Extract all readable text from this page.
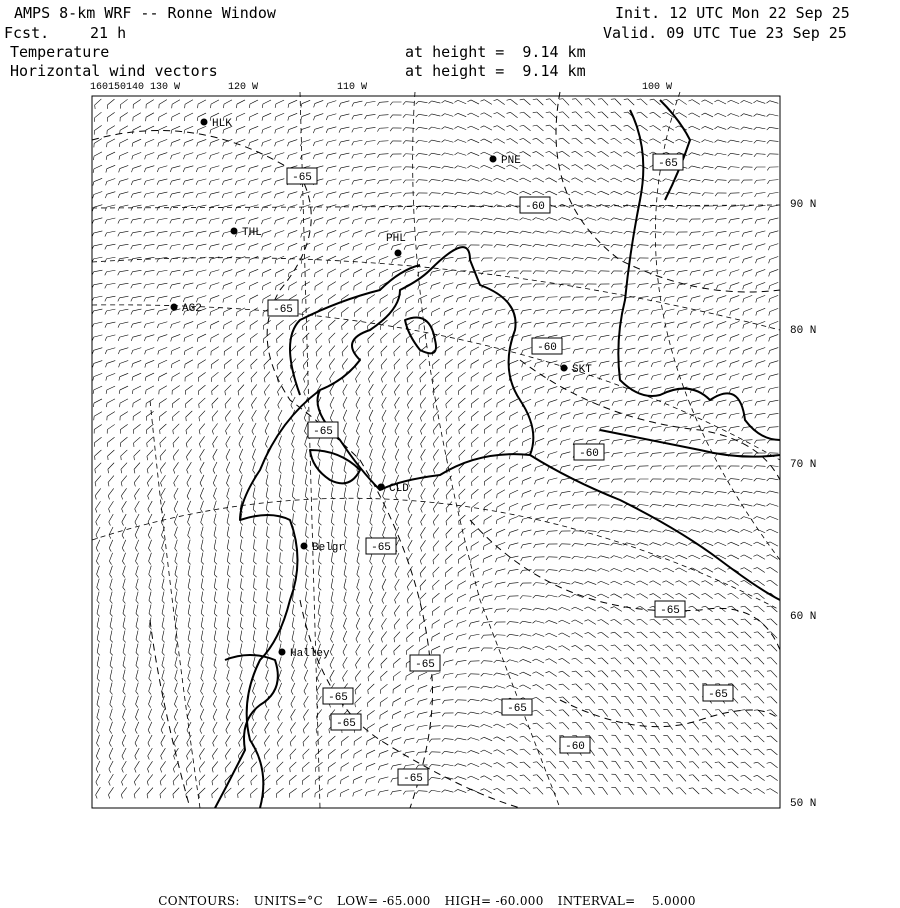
AMPS 8-km WRF -- Ronne Window	Init. 12 UTC Mon 22 Sep 25
Fcst.	21 h	Valid. 09 UTC Tue 23 Sep 25
Temperature
Horizontal wind vectors
at height =  9.14 km
at height =  9.14 km
160150140 130 W	120 W	110 W	100 W
90 N
80 N
70 N
60 N
50 N
-65
-60
-65
-60
-65
-60
-65
-65
-65
-65
-65
-65
-65
-65
-60
-65
HLK
PNE
THL	PHL
AG2
SKT
CLD
Belgr
Halley

CONTOURS: UNITS=°C LOW= -65.000 HIGH= -60.000 INTERVAL=    5.0000
